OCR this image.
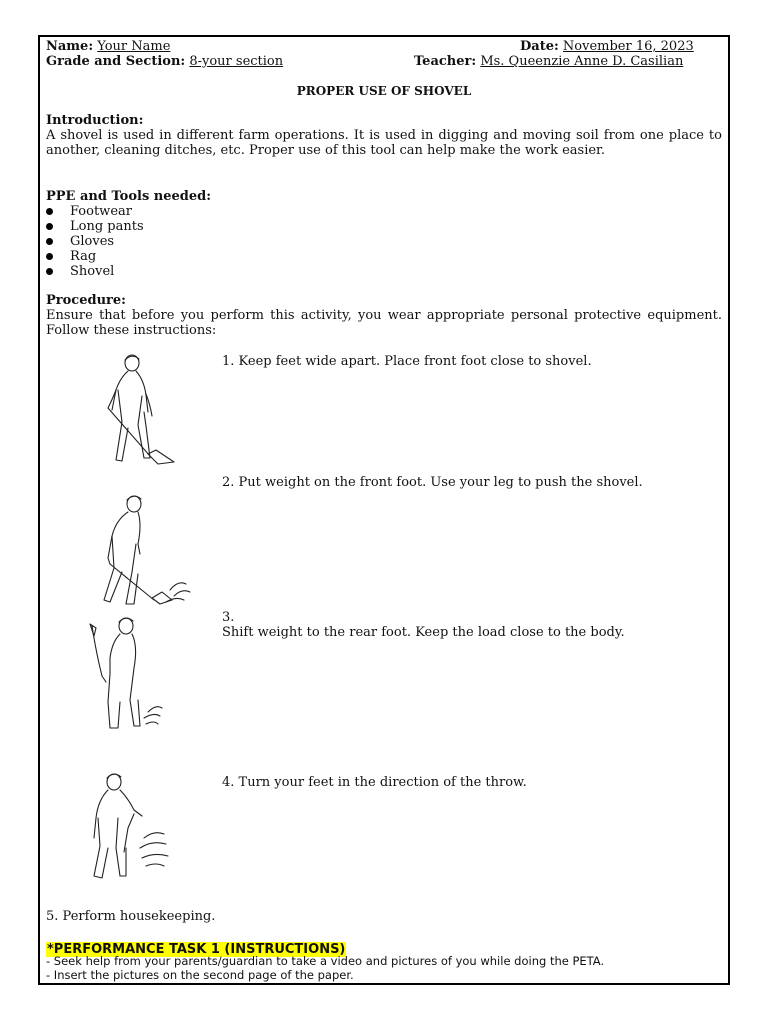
Name: Your Name	Date: November 16, 2023
Grade and Section: 8-your section	Teacher: Ms. Queenzie Anne D. Casilian
PROPER USE OF SHOVEL
Introduction:
A shovel is used in different farm operations. It is used in digging and moving soil from one place to another, cleaning ditches, etc. Proper use of this tool can help make the work easier.
PPE and Tools needed:
Footwear
Long pants
Gloves
Rag
Shovel
Procedure:
Ensure that before you perform this activity, you wear appropriate personal protective equipment. Follow these instructions:
1. Keep feet wide apart. Place front foot close to shovel.
2. Put weight on the front foot. Use your leg to push the shovel.
3.
Shift weight to the rear foot. Keep the load close to the body.
4. Turn your feet in the direction of the throw.
5. Perform housekeeping.
*PERFORMANCE TASK 1 (INSTRUCTIONS)
- Seek help from your parents/guardian to take a video and pictures of you while doing the PETA.
- Insert the pictures on the second page of the paper.
